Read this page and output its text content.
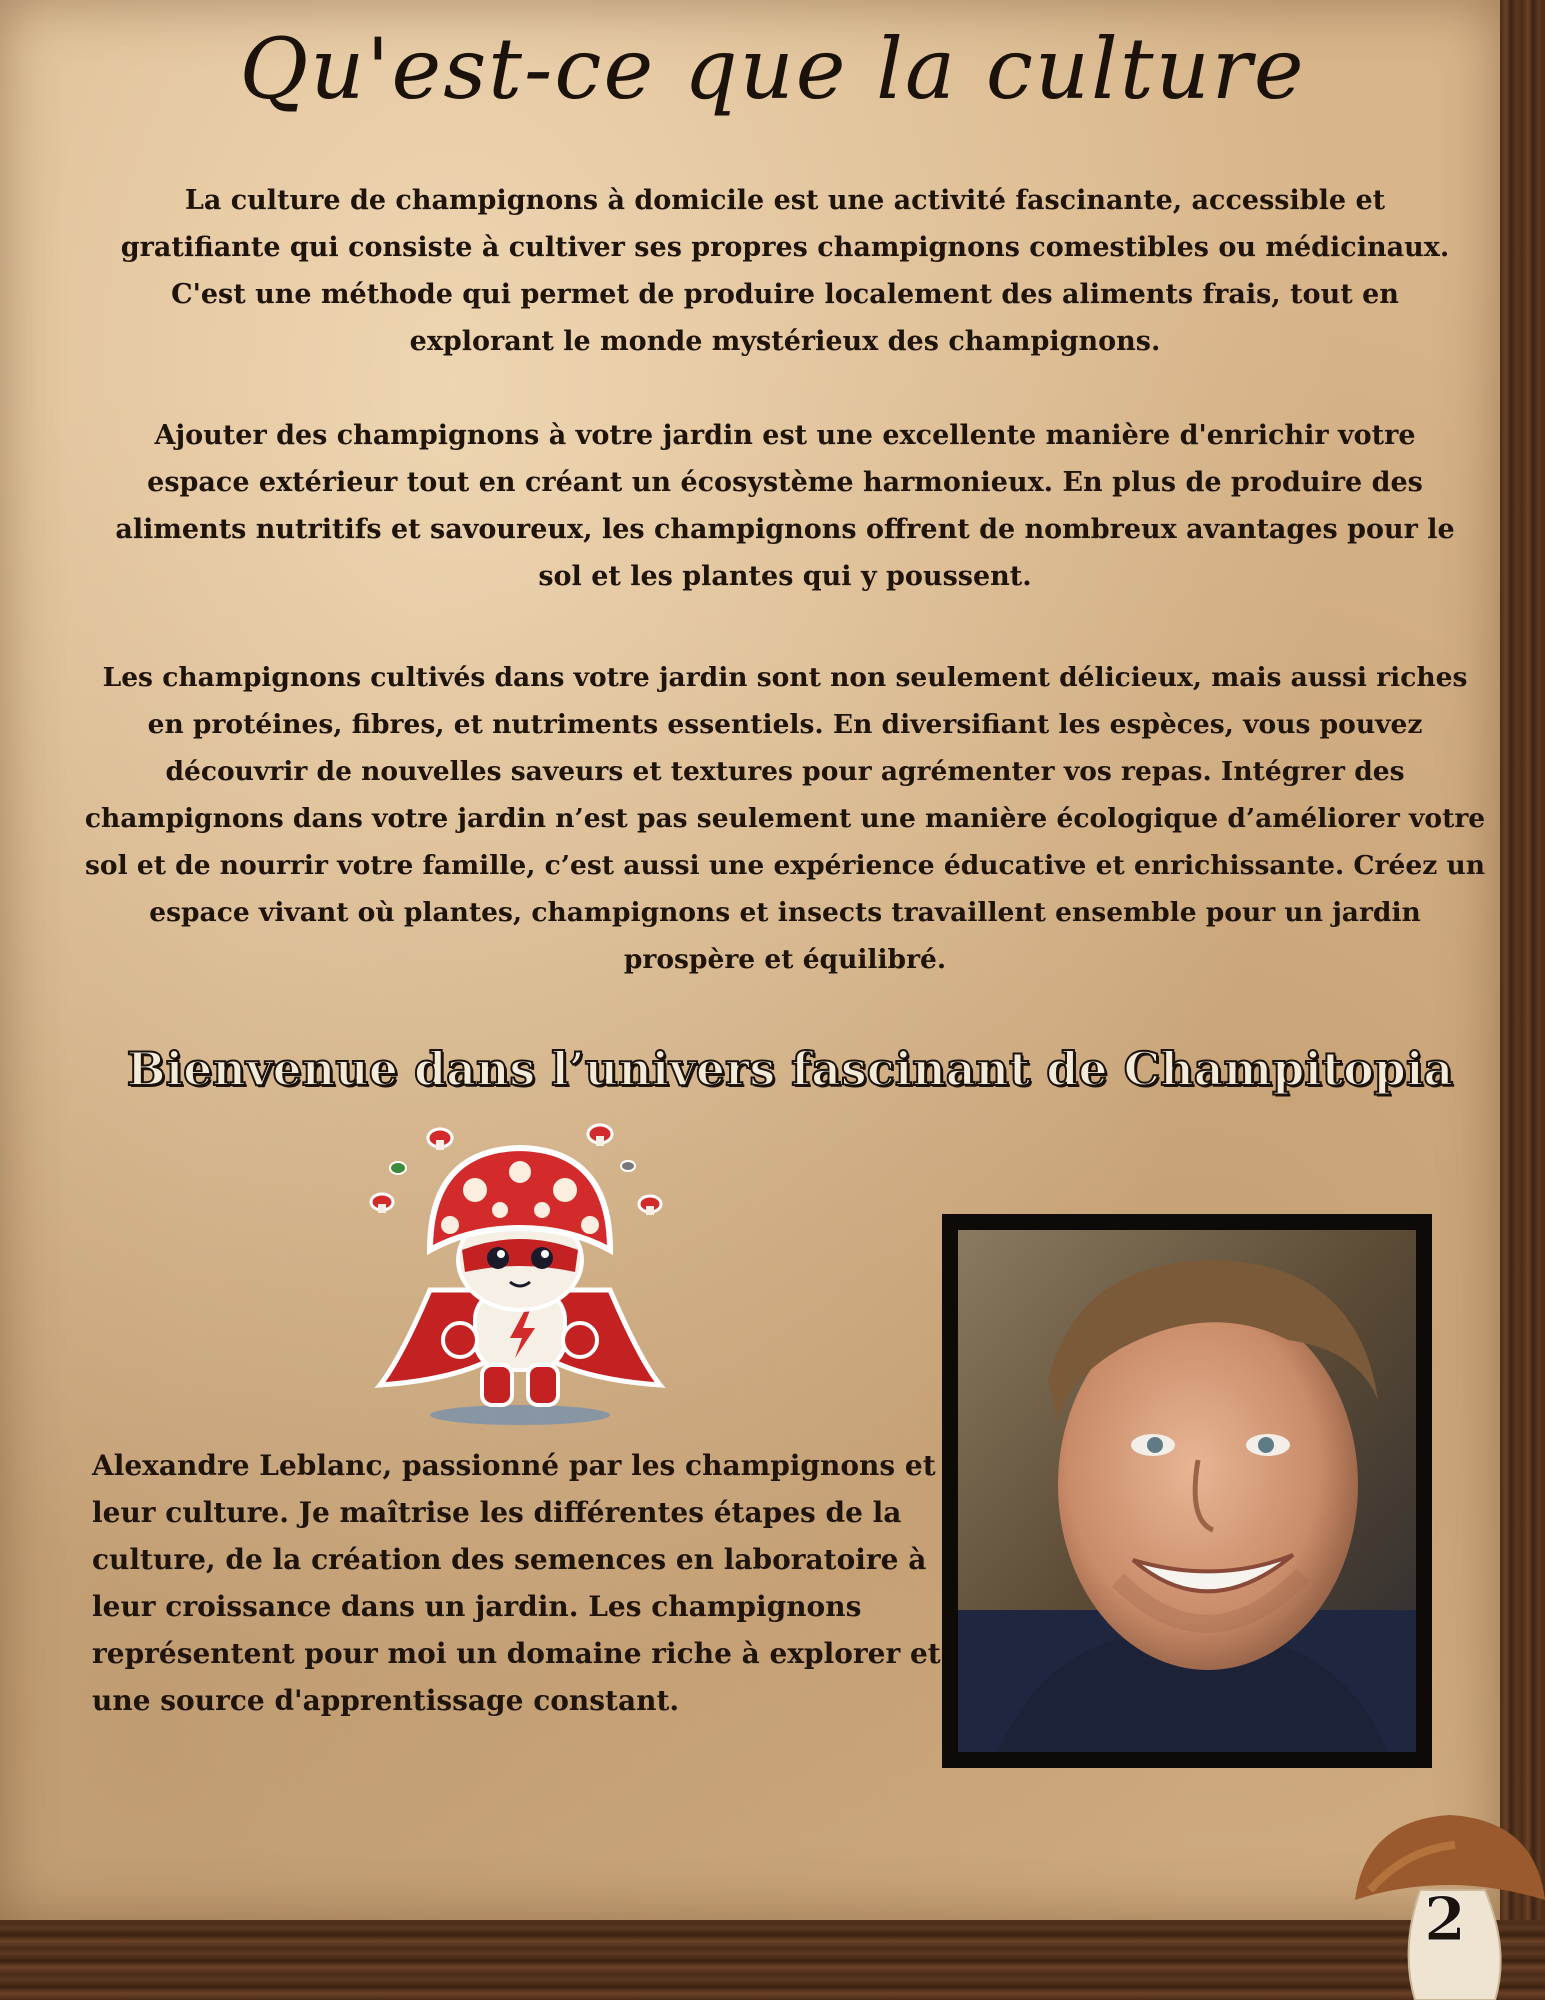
Qu'est-ce que la culture

La culture de champignons à domicile est une activité fascinante, accessible et gratifiante qui consiste à cultiver ses propres champignons comestibles ou médicinaux. C'est une méthode qui permet de produire localement des aliments frais, tout en explorant le monde mystérieux des champignons.

Ajouter des champignons à votre jardin est une excellente manière d'enrichir votre espace extérieur tout en créant un écosystème harmonieux. En plus de produire des aliments nutritifs et savoureux, les champignons offrent de nombreux avantages pour le sol et les plantes qui y poussent.

Les champignons cultivés dans votre jardin sont non seulement délicieux, mais aussi riches en protéines, fibres, et nutriments essentiels. En diversifiant les espèces, vous pouvez découvrir de nouvelles saveurs et textures pour agrémenter vos repas. Intégrer des champignons dans votre jardin n’est pas seulement une manière écologique d’améliorer votre sol et de nourrir votre famille, c’est aussi une expérience éducative et enrichissante. Créez un espace vivant où plantes, champignons et insects travaillent ensemble pour un jardin prospère et équilibré.

Bienvenue dans l’univers fascinant de Champitopia

Alexandre Leblanc, passionné par les champignons et leur culture. Je maîtrise les différentes étapes de la culture, de la création des semences en laboratoire à leur croissance dans un jardin. Les champignons représentent pour moi un domaine riche à explorer et une source d'apprentissage constant.

2
